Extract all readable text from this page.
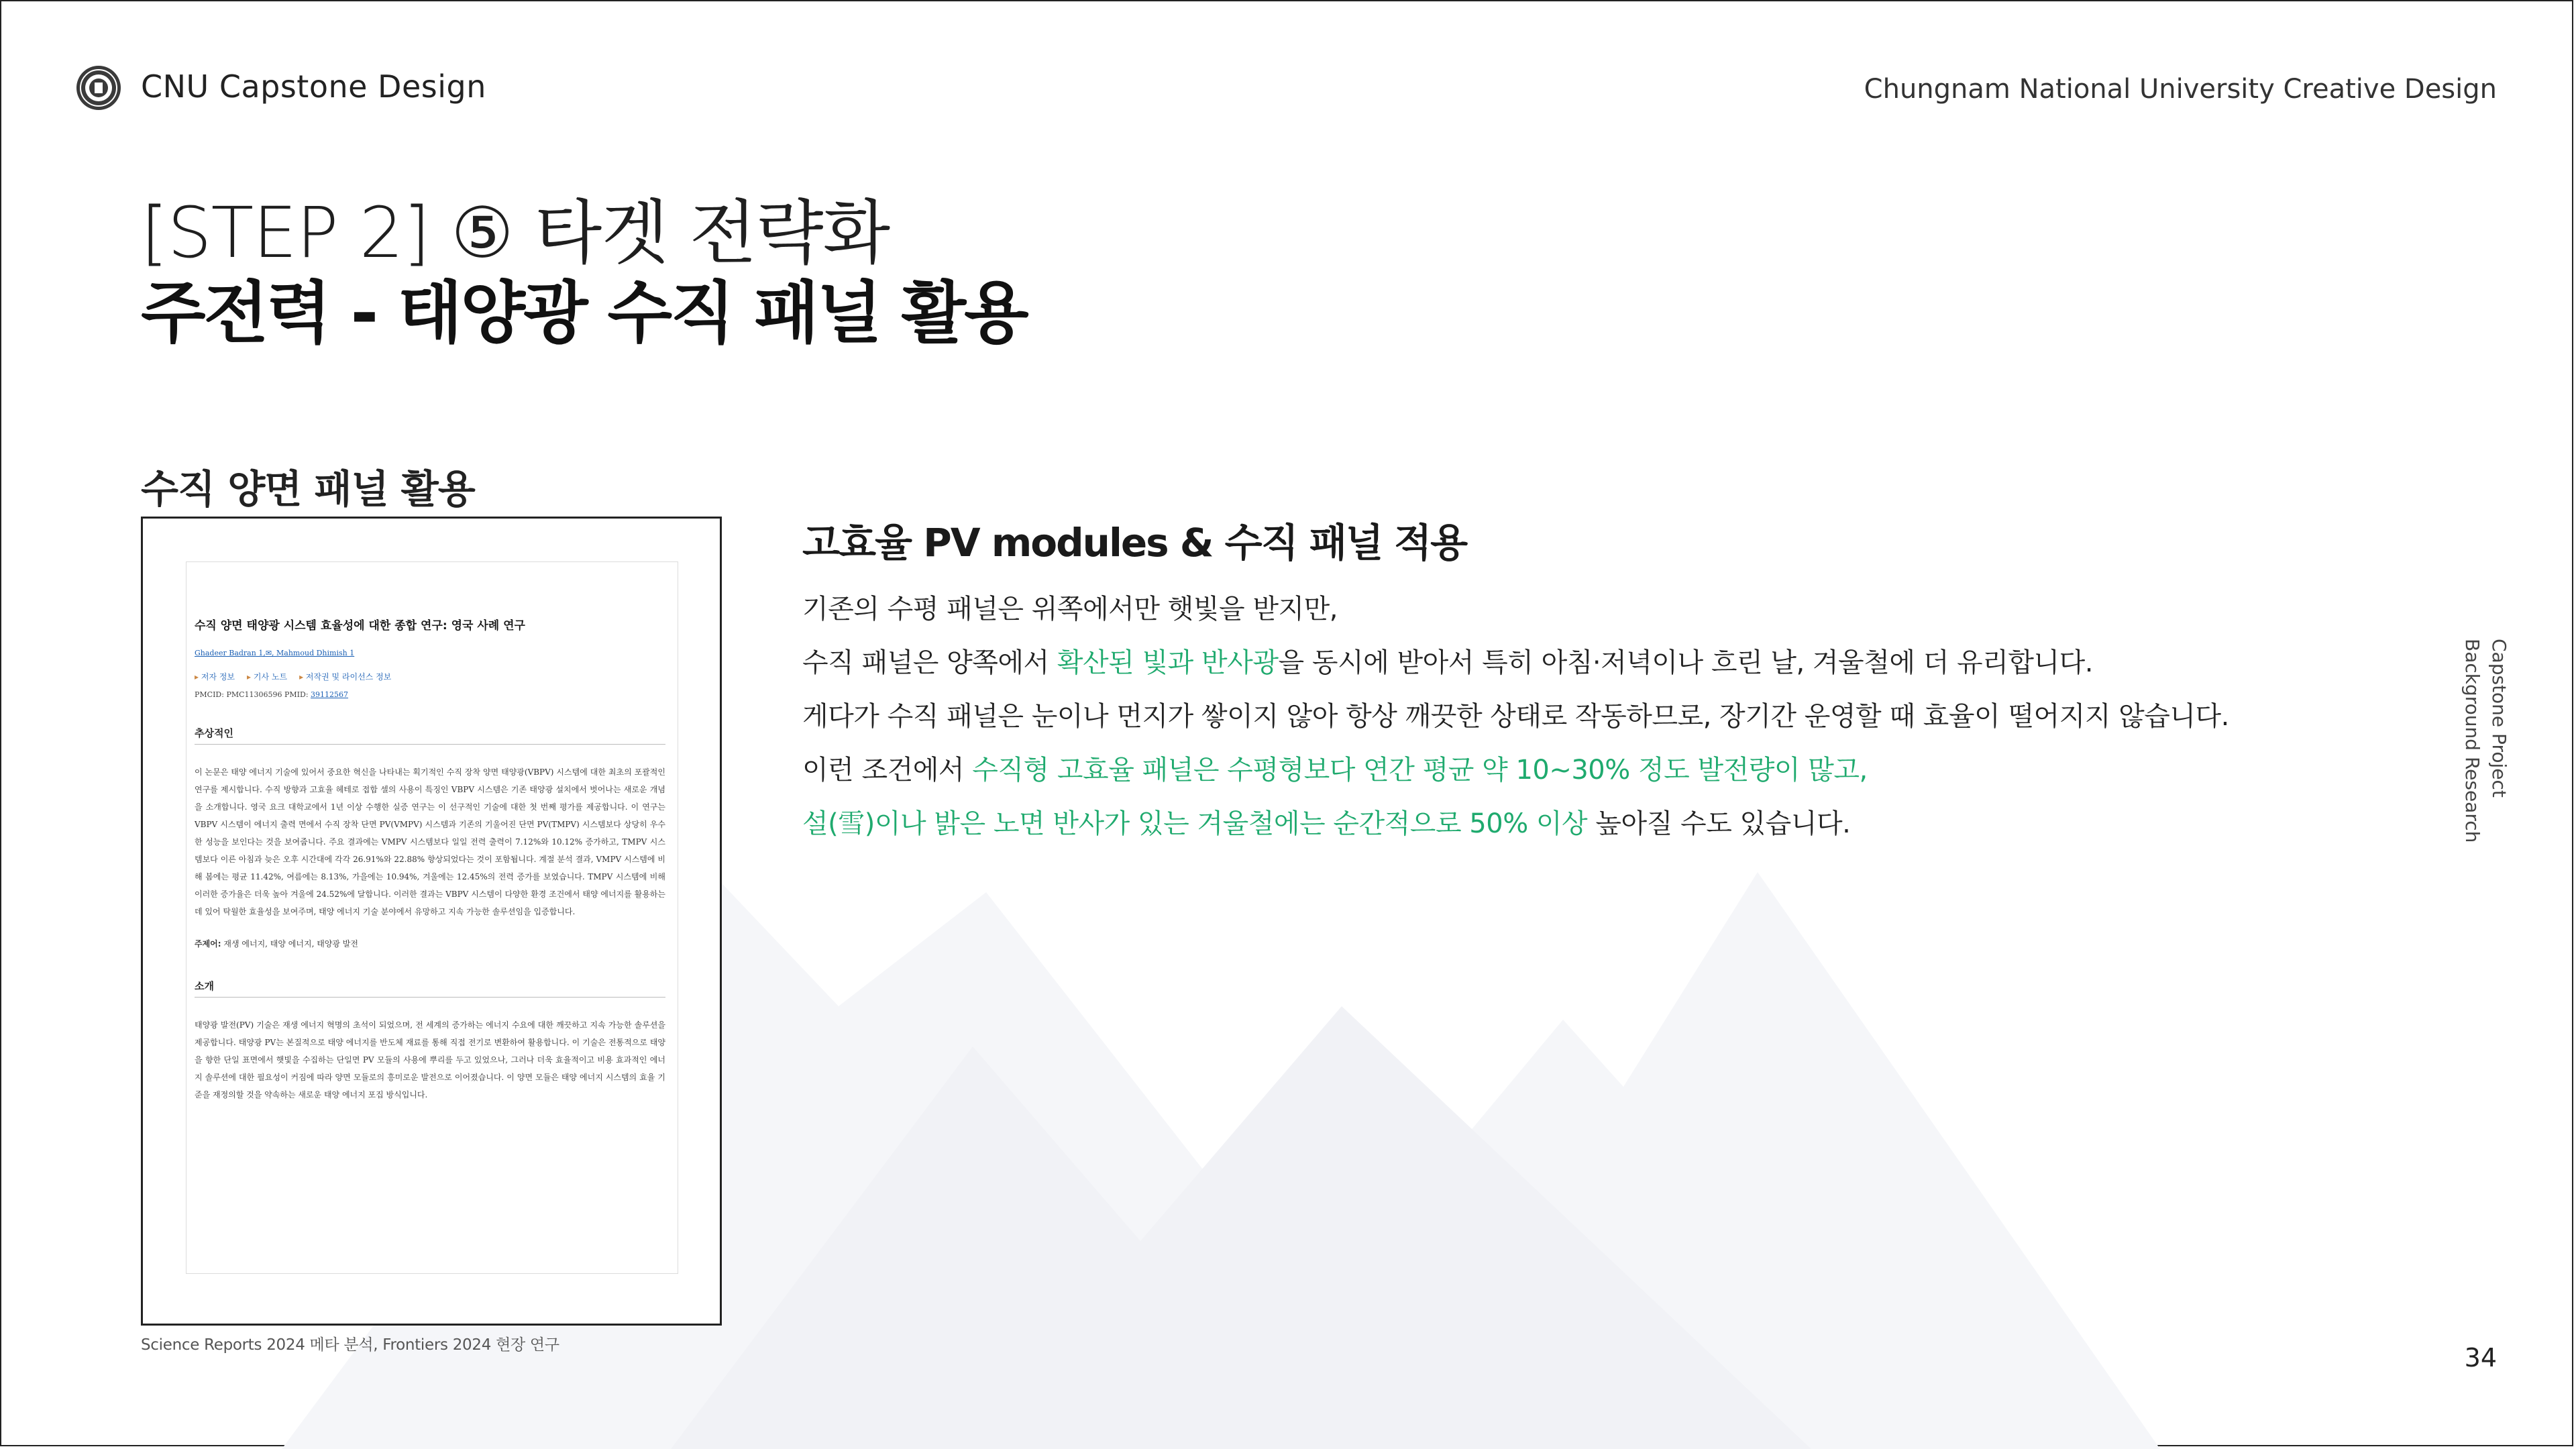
CNU Capstone Design	Chungnam National University Creative Design
[STEP 2] ⑤ 타겟 전략화
주전력 - 태양광 수직 패널 활용
수직 양면 패널 활용
수직 양면 태양광 시스템 효율성에 대한 종합 연구: 영국 사례 연구
Ghadeer Badran 1,✉, Mahmoud Dhimish 1
▸ 저자 정보	▸ 기사 노트	▸ 저작권 및 라이선스 정보
PMCID: PMC11306596 PMID: 39112567
추상적인

이 논문은 태양 에너지 기술에 있어서 중요한 혁신을 나타내는 획기적인 수직 장착 양면 태양광(VBPV) 시스템에 대한 최초의 포괄적인 연구를 제시합니다. 수직 방향과 고효율 헤테로 접합 셀의 사용이 특징인 VBPV 시스템은 기존 태양광 설치에서 벗어나는 새로운 개념을 소개합니다. 영국 요크 대학교에서 1년 이상 수행한 실증 연구는 이 선구적인 기술에 대한 첫 번째 평가를 제공합니다. 이 연구는 VBPV 시스템이 에너지 출력 면에서 수직 장착 단면 PV(VMPV) 시스템과 기존의 기울어진 단면 PV(TMPV) 시스템보다 상당히 우수한 성능을 보인다는 것을 보여줍니다. 주요 결과에는 VMPV 시스템보다 일일 전력 출력이 7.12%와 10.12% 증가하고, TMPV 시스템보다 이른 아침과 늦은 오후 시간대에 각각 26.91%와 22.88% 향상되었다는 것이 포함됩니다. 계절 분석 결과, VMPV 시스템에 비해 봄에는 평균 11.42%, 여름에는 8.13%, 가을에는 10.94%, 겨울에는 12.45%의 전력 증가를 보였습니다. TMPV 시스템에 비해 이러한 증가율은 더욱 높아 겨울에 24.52%에 달합니다. 이러한 결과는 VBPV 시스템이 다양한 환경 조건에서 태양 에너지를 활용하는 데 있어 탁월한 효율성을 보여주며, 태양 에너지 기술 분야에서 유망하고 지속 가능한 솔루션임을 입증합니다.

주제어: 재생 에너지, 태양 에너지, 태양광 발전
소개

태양광 발전(PV) 기술은 재생 에너지 혁명의 초석이 되었으며, 전 세계의 증가하는 에너지 수요에 대한 깨끗하고 지속 가능한 솔루션을 제공합니다. 태양광 PV는 본질적으로 태양 에너지를 반도체 재료를 통해 직접 전기로 변환하여 활용합니다. 이 기술은 전통적으로 태양을 향한 단일 표면에서 햇빛을 수집하는 단일면 PV 모듈의 사용에 뿌리를 두고 있었으나, 그러나 더욱 효율적이고 비용 효과적인 에너지 솔루션에 대한 필요성이 커짐에 따라 양면 모듈로의 흥미로운 발전으로 이어졌습니다. 이 양면 모듈은 태양 에너지 시스템의 효율 기준을 재정의할 것을 약속하는 새로운 태양 에너지 포집 방식입니다.

Science Reports 2024 메타 분석, Frontiers 2024 현장 연구
고효율 PV modules & 수직 패널 적용
기존의 수평 패널은 위쪽에서만 햇빛을 받지만,
수직 패널은 양쪽에서 확산된 빛과 반사광을 동시에 받아서 특히 아침·저녁이나 흐린 날, 겨울철에 더 유리합니다.
게다가 수직 패널은 눈이나 먼지가 쌓이지 않아 항상 깨끗한 상태로 작동하므로, 장기간 운영할 때 효율이 떨어지지 않습니다.
이런 조건에서 수직형 고효율 패널은 수평형보다 연간 평균 약 10~30% 정도 발전량이 많고,
설(雪)이나 밝은 노면 반사가 있는 겨울철에는 순간적으로 50% 이상 높아질 수도 있습니다.
Capstone Project
Background Research
34
